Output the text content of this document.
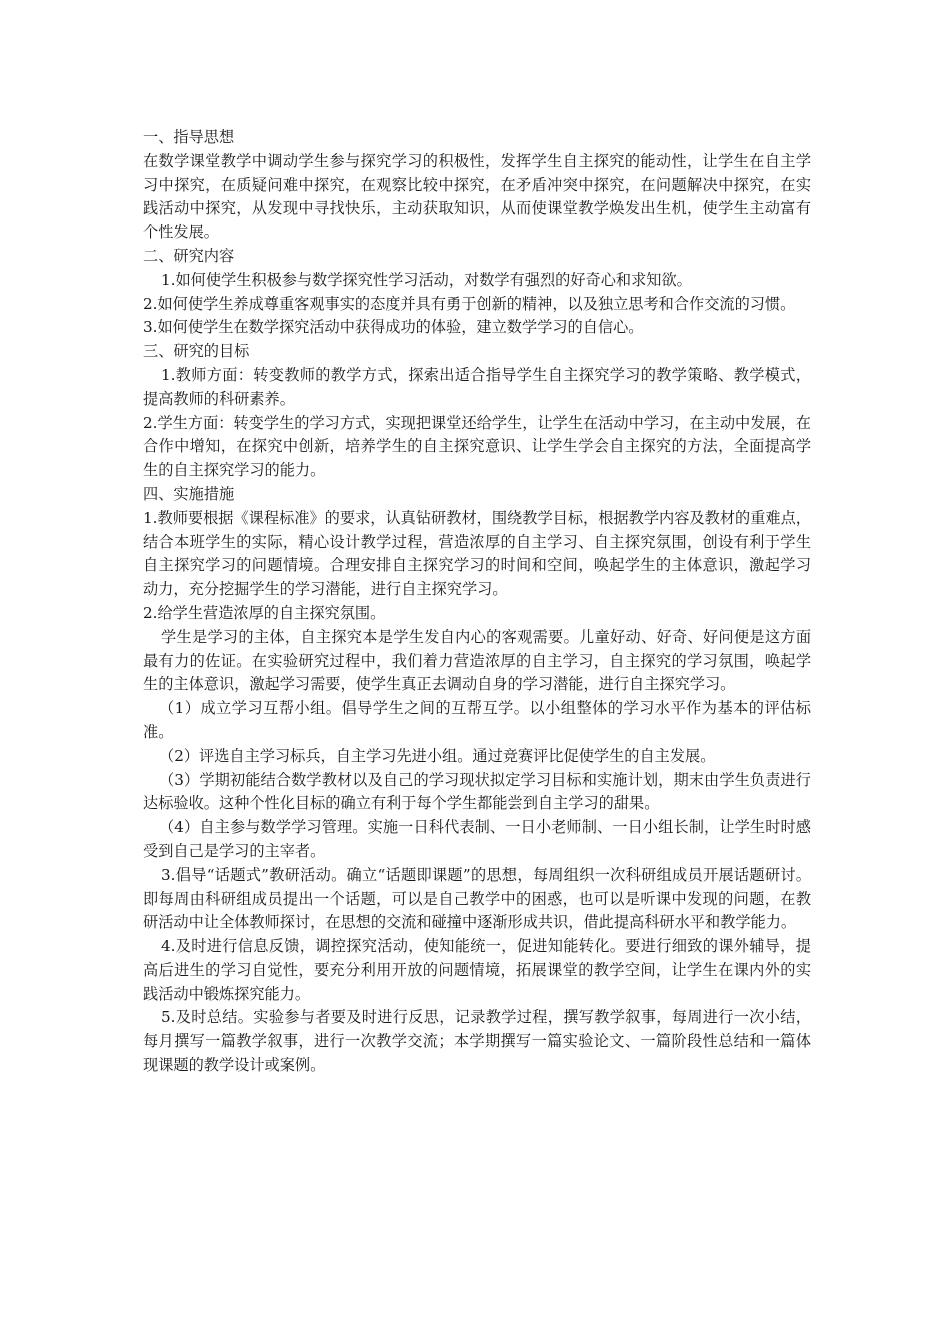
一、指导思想

在数学课堂教学中调动学生参与探究学习的积极性，发挥学生自主探究的能动性，让学生在自主学习中探究，在质疑问难中探究，在观察比较中探究，在矛盾冲突中探究，在问题解决中探究，在实践活动中探究，从发现中寻找快乐，主动获取知识，从而使课堂教学焕发出生机，使学生主动富有个性发展。

二、研究内容

1.如何使学生积极参与数学探究性学习活动，对数学有强烈的好奇心和求知欲。

2.如何使学生养成尊重客观事实的态度并具有勇于创新的精神，以及独立思考和合作交流的习惯。

3.如何使学生在数学探究活动中获得成功的体验，建立数学学习的自信心。

三、研究的目标

1.教师方面：转变教师的教学方式，探索出适合指导学生自主探究学习的教学策略、教学模式，提高教师的科研素养。

2.学生方面：转变学生的学习方式，实现把课堂还给学生，让学生在活动中学习，在主动中发展，在合作中增知，在探究中创新，培养学生的自主探究意识、让学生学会自主探究的方法，全面提高学生的自主探究学习的能力。

四、实施措施

1.教师要根据《课程标准》的要求，认真钻研教材，围绕教学目标，根据教学内容及教材的重难点，结合本班学生的实际，精心设计教学过程，营造浓厚的自主学习、自主探究氛围，创设有利于学生自主探究学习的问题情境。合理安排自主探究学习的时间和空间，唤起学生的主体意识，激起学习动力，充分挖掘学生的学习潜能，进行自主探究学习。

2.给学生营造浓厚的自主探究氛围。

学生是学习的主体，自主探究本是学生发自内心的客观需要。儿童好动、好奇、好问便是这方面最有力的佐证。在实验研究过程中，我们着力营造浓厚的自主学习，自主探究的学习氛围，唤起学生的主体意识，激起学习需要，使学生真正去调动自身的学习潜能，进行自主探究学习。

（1）成立学习互帮小组。倡导学生之间的互帮互学。以小组整体的学习水平作为基本的评估标准。

（2）评选自主学习标兵，自主学习先进小组。通过竞赛评比促使学生的自主发展。

（3）学期初能结合数学教材以及自己的学习现状拟定学习目标和实施计划，期末由学生负责进行达标验收。这种个性化目标的确立有利于每个学生都能尝到自主学习的甜果。

（4）自主参与数学学习管理。实施一日科代表制、一日小老师制、一日小组长制，让学生时时感受到自己是学习的主宰者。

3.倡导“话题式”教研活动。确立“话题即课题”的思想，每周组织一次科研组成员开展话题研讨。即每周由科研组成员提出一个话题，可以是自己教学中的困惑，也可以是听课中发现的问题，在教研活动中让全体教师探讨，在思想的交流和碰撞中逐渐形成共识，借此提高科研水平和教学能力。

4.及时进行信息反馈，调控探究活动，使知能统一，促进知能转化。要进行细致的课外辅导，提高后进生的学习自觉性，要充分利用开放的问题情境，拓展课堂的教学空间，让学生在课内外的实践活动中锻炼探究能力。

5.及时总结。实验参与者要及时进行反思，记录教学过程，撰写教学叙事，每周进行一次小结，每月撰写一篇教学叙事，进行一次教学交流；本学期撰写一篇实验论文、一篇阶段性总结和一篇体现课题的教学设计或案例。
